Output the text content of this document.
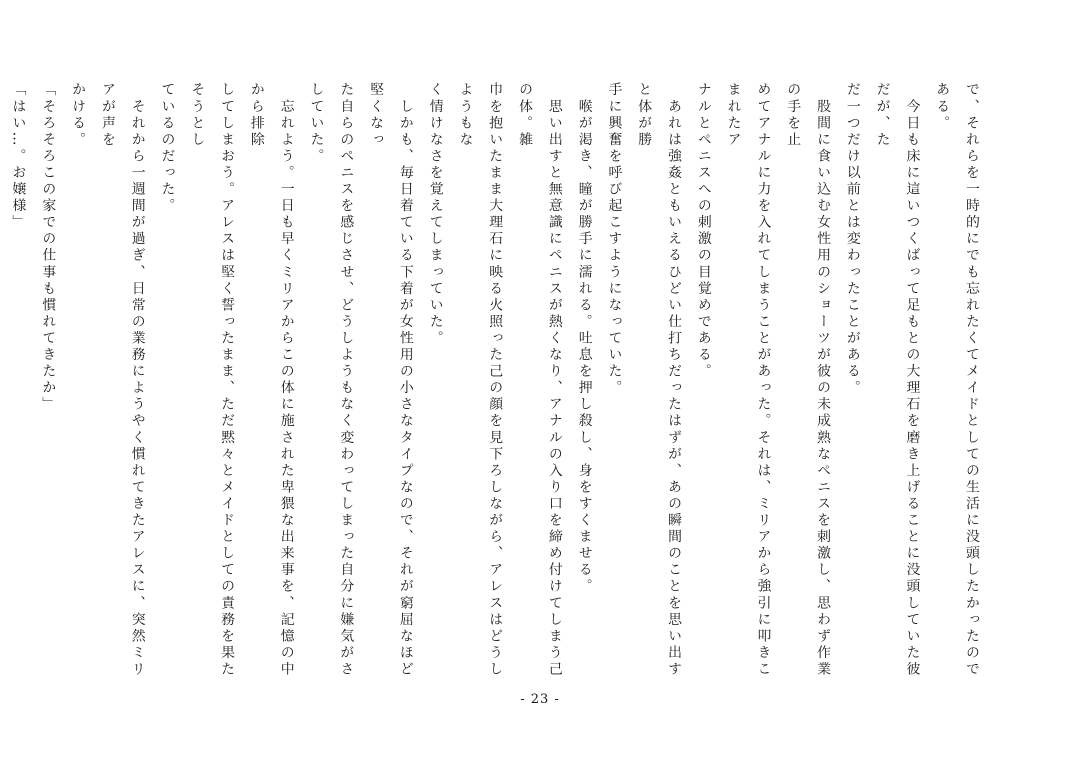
で、それらを一時的にでも忘れたくてメイドとしての生活に没頭したかったのである。

　今日も床に這いつくばって足もとの大理石を磨き上げることに没頭していた彼だが、た

だ一つだけ以前とは変わったことがある。

　股間に食い込む女性用のショーツが彼の未成熟なペニスを刺激し、思わず作業の手を止

めてアナルに力を入れてしまうことがあった。それは、ミリアから強引に叩きこまれたア

ナルとペニスへの刺激の目覚めである。

　あれは強姦ともいえるひどい仕打ちだったはずが、あの瞬間のことを思い出すと体が勝

手に興奮を呼び起こすようになっていた。

　喉が渇き、瞳が勝手に濡れる。吐息を押し殺し、身をすくませる。

　思い出すと無意識にペニスが熱くなり、アナルの入り口を締め付けてしまう己の体。雑

巾を抱いたまま大理石に映る火照った己の顔を見下ろしながら、アレスはどうしようもな

く情けなさを覚えてしまっていた。

　しかも、毎日着ている下着が女性用の小さなタイプなので、それが窮屈なほど堅くなっ

た自らのペニスを感じさせ、どうしようもなく変わってしまった自分に嫌気がさしていた。

　忘れよう。一日も早くミリアからこの体に施された卑猥な出来事を、記憶の中から排除

してしまおう。アレスは堅く誓ったまま、ただ黙々とメイドとしての責務を果たそうとし

ているのだった。

　それから一週間が過ぎ、日常の業務にようやく慣れてきたアレスに、突然ミリアが声を

かける。

「そろそろこの家での仕事も慣れてきたか」

「はい…。お嬢様」

- 23 -
